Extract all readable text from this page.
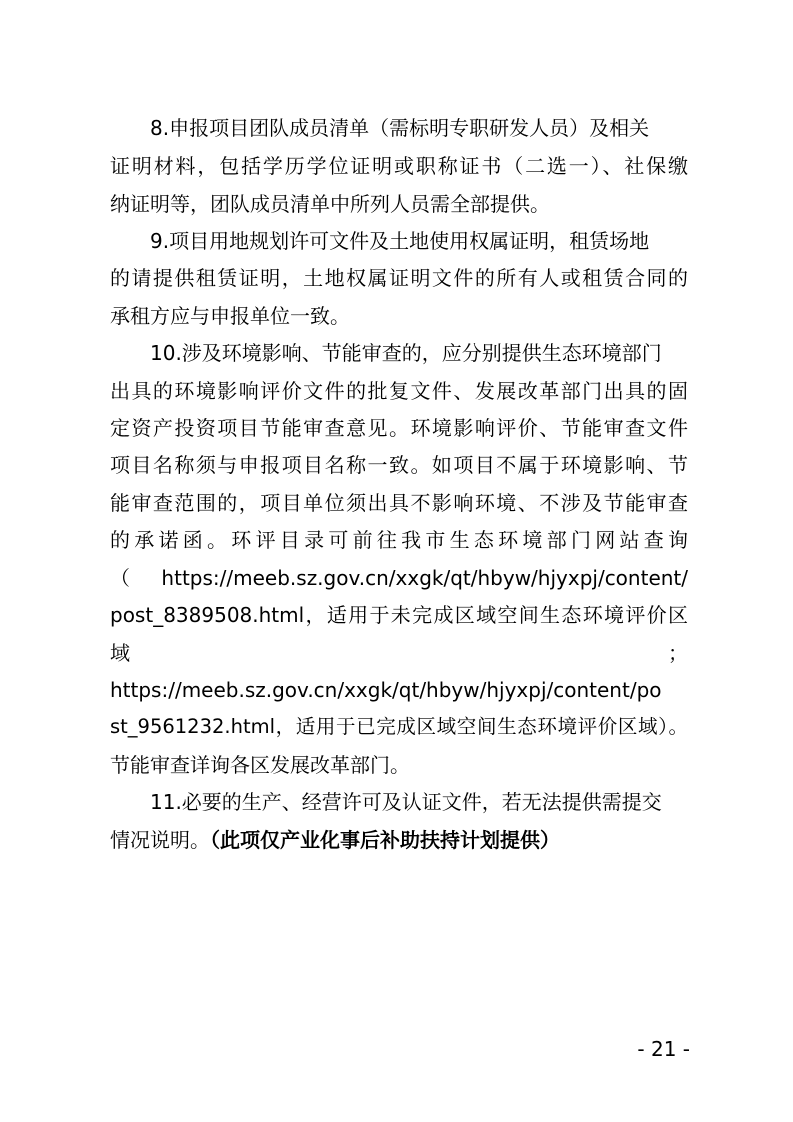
8.申报项目团队成员清单（需标明专职研发人员）及相关
证明材料，包括学历学位证明或职称证书（二选一）、社保缴
纳证明等，团队成员清单中所列人员需全部提供。
9.项目用地规划许可文件及土地使用权属证明，租赁场地
的请提供租赁证明，土地权属证明文件的所有人或租赁合同的
承租方应与申报单位一致。
10.涉及环境影响、节能审查的，应分别提供生态环境部门
出具的环境影响评价文件的批复文件、发展改革部门出具的固
定资产投资项目节能审查意见。环境影响评价、节能审查文件
项目名称须与申报项目名称一致。如项目不属于环境影响、节
能审查范围的，项目单位须出具不影响环境、不涉及节能审查
的承诺函。环评目录可前往我市生态环境部门网站查询
（ https://meeb.sz.gov.cn/xxgk/qt/hbyw/hjyxpj/content/
post_8389508.html，适用于未完成区域空间生态环境评价区
域 ；
https://meeb.sz.gov.cn/xxgk/qt/hbyw/hjyxpj/content/po
st_9561232.html，适用于已完成区域空间生态环境评价区域）。
节能审查详询各区发展改革部门。
11.必要的生产、经营许可及认证文件，若无法提供需提交
情况说明。（此项仅产业化事后补助扶持计划提供）
- 21 -
